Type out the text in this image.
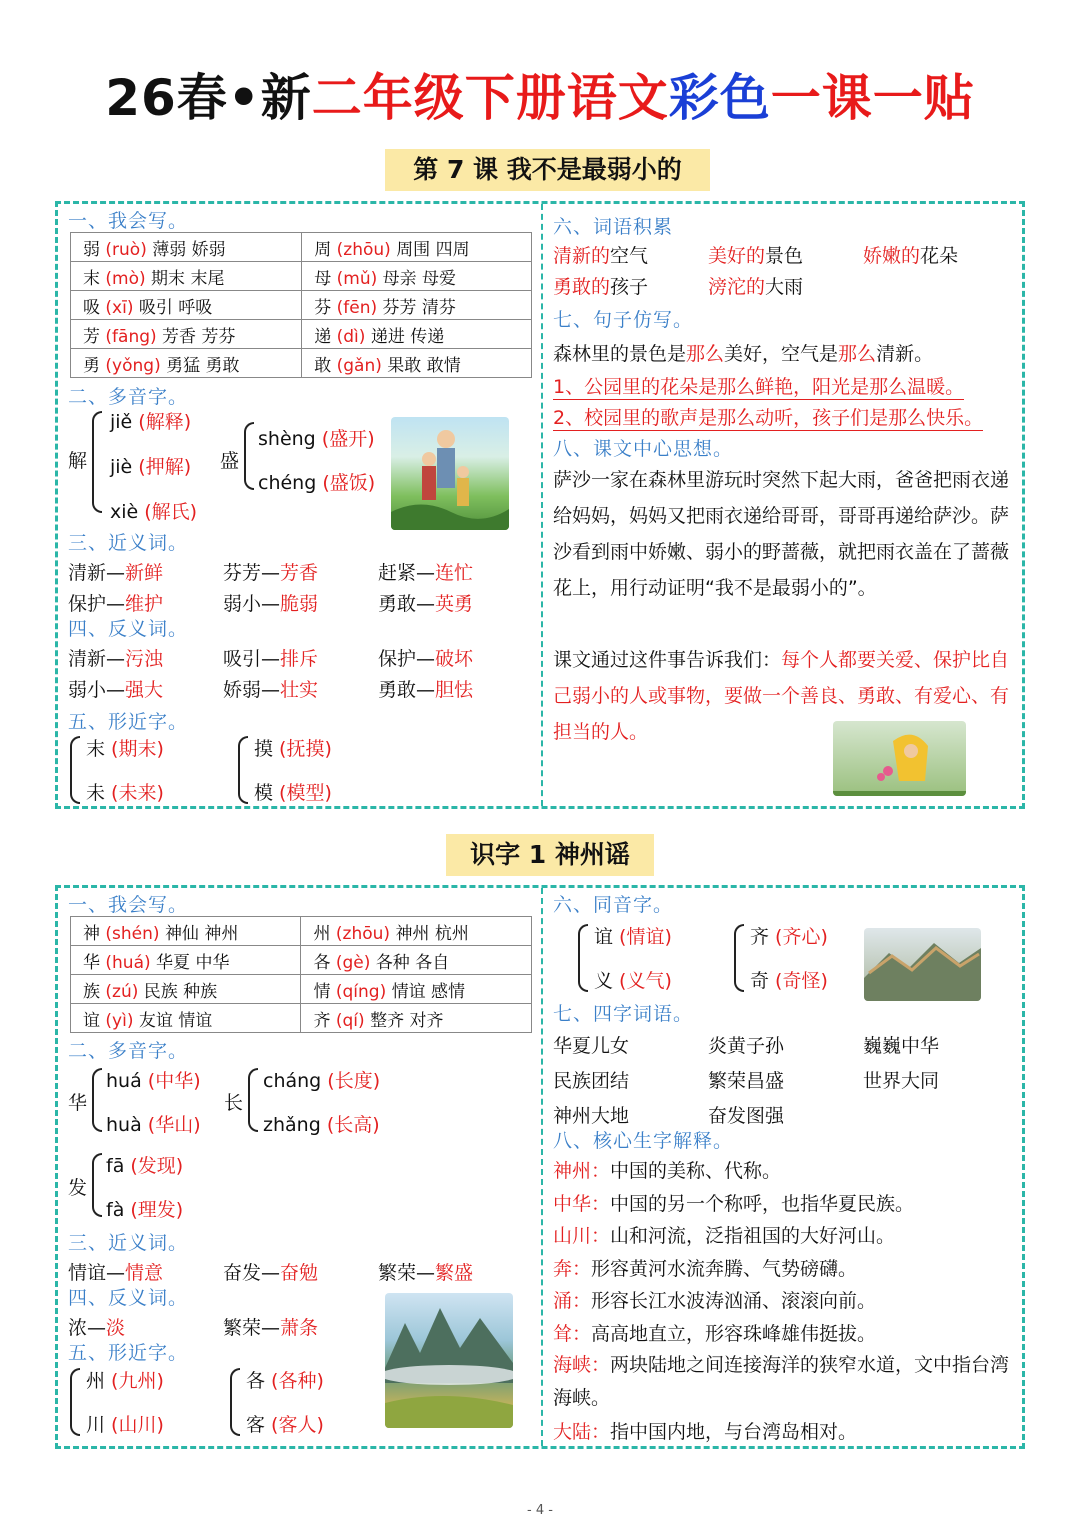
26春•新二年级下册语文彩色一课一贴
第 7 课 我不是最弱小的
一、我会写。
弱 (ruò) 薄弱 娇弱	周 (zhōu) 周围 四周
末 (mò) 期末 末尾	母 (mǔ) 母亲 母爱
吸 (xī) 吸引 呼吸	芬 (fēn) 芬芳 清芬
芳 (fāng) 芳香 芳芬	递 (dì) 递进 传递
勇 (yǒng) 勇猛 勇敢	敢 (gǎn) 果敢 敢情
二、多音字。
解
jiě (解释)
jiè (押解)
xiè (解氏)
盛
shèng (盛开)
chéng (盛饭)
三、近义词。
清新—新鲜	芬芳—芳香	赶紧—连忙
保护—维护	弱小—脆弱	勇敢—英勇
四、反义词。
清新—污浊	吸引—排斥	保护—破坏
弱小—强大	娇弱—壮实	勇敢—胆怯
五、形近字。
末 (期末)
未 (未来)
摸 (抚摸)
模 (模型)
六、词语积累
清新的空气	美好的景色	娇嫩的花朵
勇敢的孩子	滂沱的大雨
七、句子仿写。
森林里的景色是那么美好，空气是那么清新。
1、公园里的花朵是那么鲜艳，阳光是那么温暖。
2、校园里的歌声是那么动听，孩子们是那么快乐。
八、课文中心思想。
萨沙一家在森林里游玩时突然下起大雨，爸爸把雨衣递给妈妈，妈妈又把雨衣递给哥哥，哥哥再递给萨沙。萨沙看到雨中娇嫩、弱小的野蔷薇，就把雨衣盖在了蔷薇花上，用行动证明“我不是最弱小的”。
课文通过这件事告诉我们：每个人都要关爱、保护比自己弱小的人或事物，要做一个善良、勇敢、有爱心、有担当的人。
识字 1 神州谣
一、我会写。
神 (shén) 神仙 神州	州 (zhōu) 神州 杭州
华 (huá) 华夏 中华	各 (gè) 各种 各自
族 (zú) 民族 种族	情 (qíng) 情谊 感情
谊 (yì) 友谊 情谊	齐 (qí) 整齐 对齐
二、多音字。
华
huá (中华)
huà (华山)
长
cháng (长度)
zhǎng (长高)
发
fā (发现)
fà (理发)
三、近义词。
情谊—情意	奋发—奋勉	繁荣—繁盛
四、反义词。
浓—淡	繁荣—萧条
五、形近字。
州 (九州)
川 (山川)
各 (各种)
客 (客人)
六、同音字。
谊 (情谊)
义 (义气)
齐 (齐心)
奇 (奇怪)
七、四字词语。
华夏儿女	炎黄子孙	巍巍中华
民族团结	繁荣昌盛	世界大同
神州大地	奋发图强
八、核心生字解释。
神州：中国的美称、代称。
中华：中国的另一个称呼，也指华夏民族。
山川：山和河流，泛指祖国的大好河山。
奔：形容黄河水流奔腾、气势磅礴。
涌：形容长江水波涛汹涌、滚滚向前。
耸：高高地直立，形容珠峰雄伟挺拔。
海峡：两块陆地之间连接海洋的狭窄水道，文中指台湾海峡。
大陆：指中国内地，与台湾岛相对。
- 4 -
